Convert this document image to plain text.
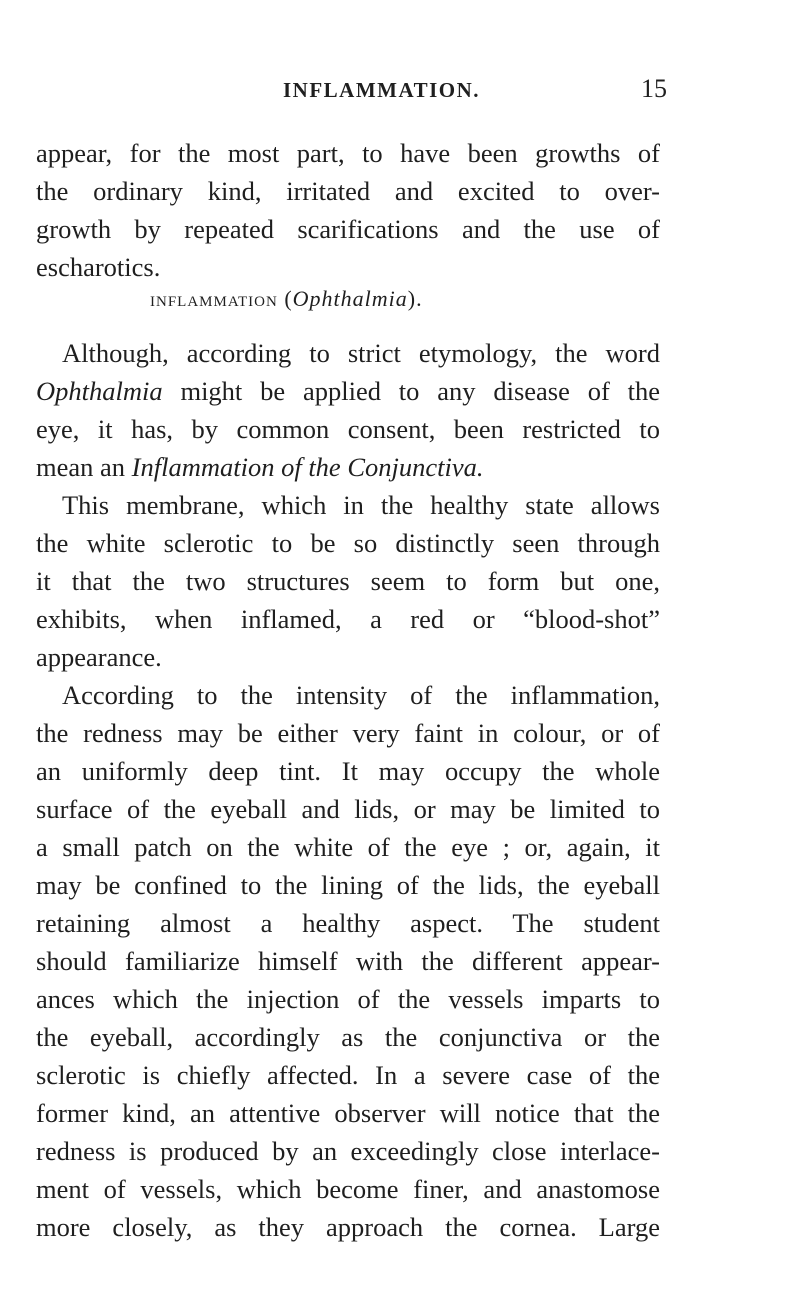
INFLAMMATION.	15
appear, for the most part, to have been growths of
the ordinary kind, irritated and excited to over-
growth by repeated scarifications and the use of
escharotics.
inflammation (Ophthalmia).
Although, according to strict etymology, the word
Ophthalmia might be applied to any disease of the
eye, it has, by common consent, been restricted to
mean an Inflammation of the Conjunctiva.
This membrane, which in the healthy state allows
the white sclerotic to be so distinctly seen through
it that the two structures seem to form but one,
exhibits, when inflamed, a red or “blood-shot”
appearance.
According to the intensity of the inflammation,
the redness may be either very faint in colour, or of
an uniformly deep tint. It may occupy the whole
surface of the eyeball and lids, or may be limited to
a small patch on the white of the eye ; or, again, it
may be confined to the lining of the lids, the eyeball
retaining almost a healthy aspect. The student
should familiarize himself with the different appear-
ances which the injection of the vessels imparts to
the eyeball, accordingly as the conjunctiva or the
sclerotic is chiefly affected. In a severe case of the
former kind, an attentive observer will notice that the
redness is produced by an exceedingly close interlace-
ment of vessels, which become finer, and anastomose
more closely, as they approach the cornea. Large
